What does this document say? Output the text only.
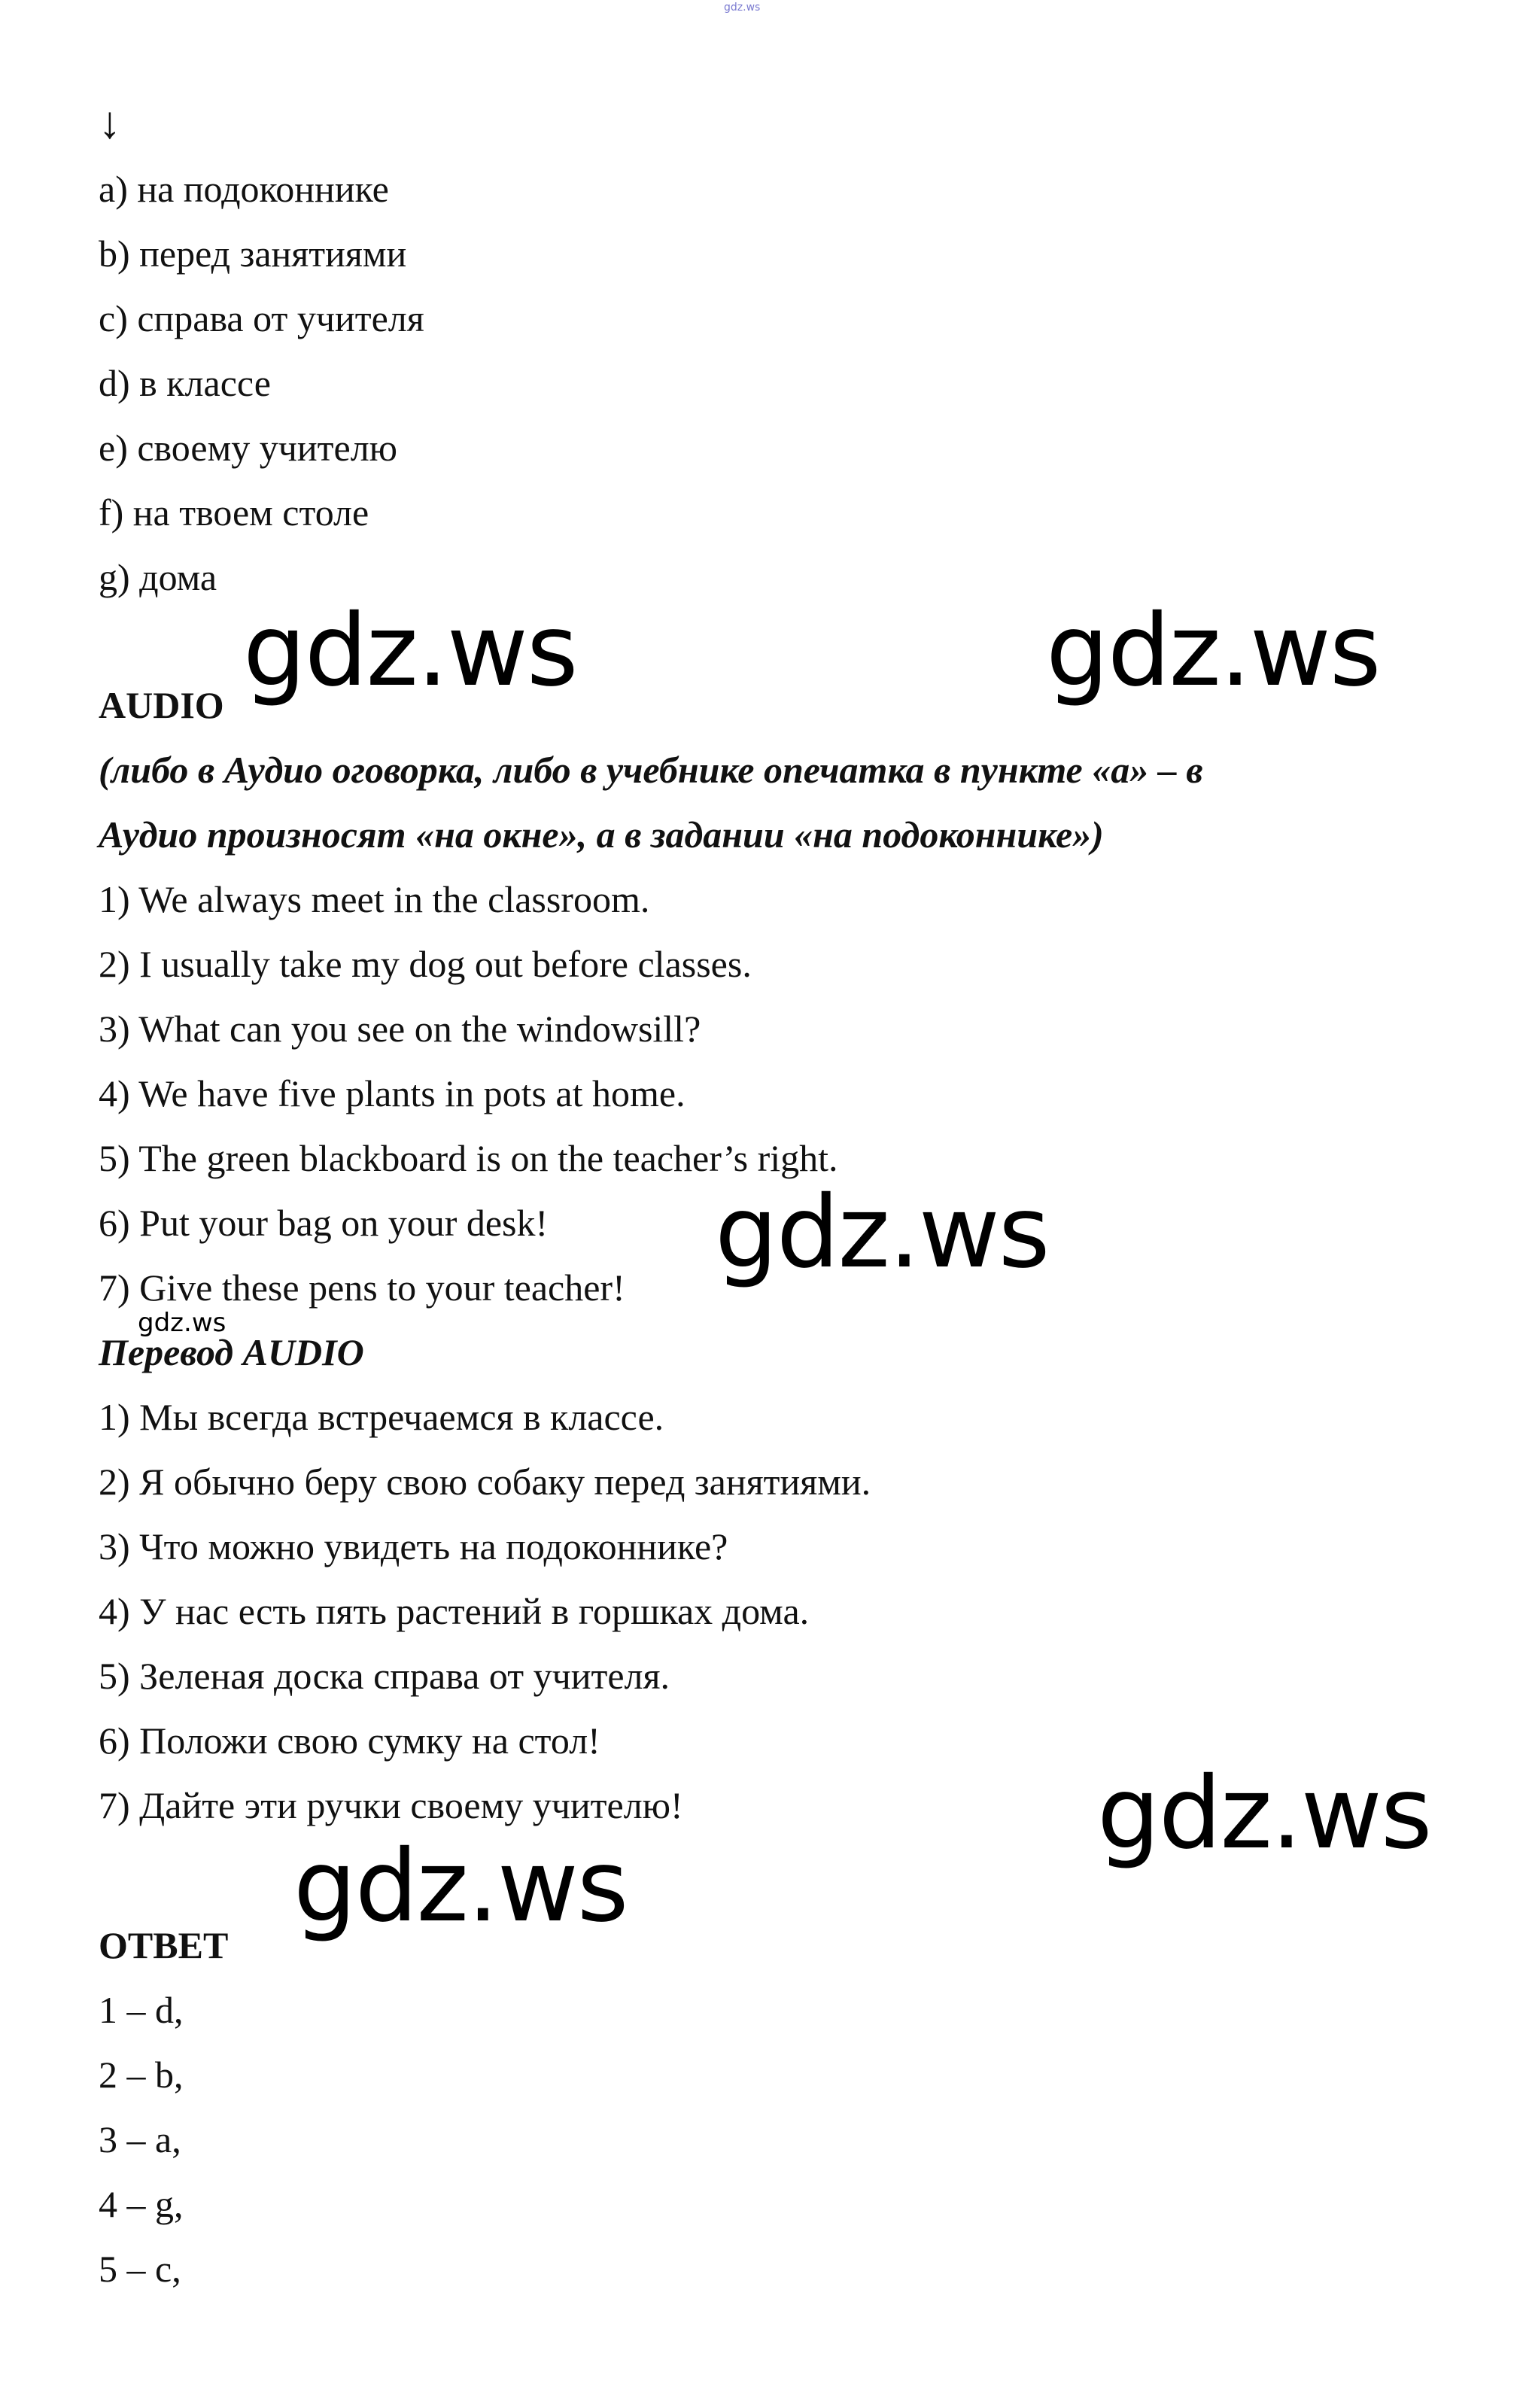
gdz.ws
↓
a) на подоконнике
b) перед занятиями
c) справа от учителя
d) в классе
e) своему учителю
f) на твоем столе
g) дома
gdz.ws	gdz.ws
AUDIO
(либо в Аудио оговорка, либо в учебнике опечатка в пункте «а» – в
Аудио произносят «на окне», а в задании «на подоконнике»)
1) We always meet in the classroom.
2) I usually take my dog out before classes.
3) What can you see on the windowsill?
4) We have five plants in pots at home.
5) The green blackboard is on the teacher’s right.
6) Put your bag on your desk!
7) Give these pens to your teacher! gdz.ws
gdz.ws
Перевод AUDIO
1) Мы всегда встречаемся в классе.
2) Я обычно беру свою собаку перед занятиями.
3) Что можно увидеть на подоконнике?
4) У нас есть пять растений в горшках дома.
5) Зеленая доска справа от учителя.
6) Положи свою сумку на стол!
7) Дайте эти ручки своему учителю!	gdz.ws
gdz.ws
ОТВЕТ
1 – d,
2 – b,
3 – a,
4 – g,
5 – c,
